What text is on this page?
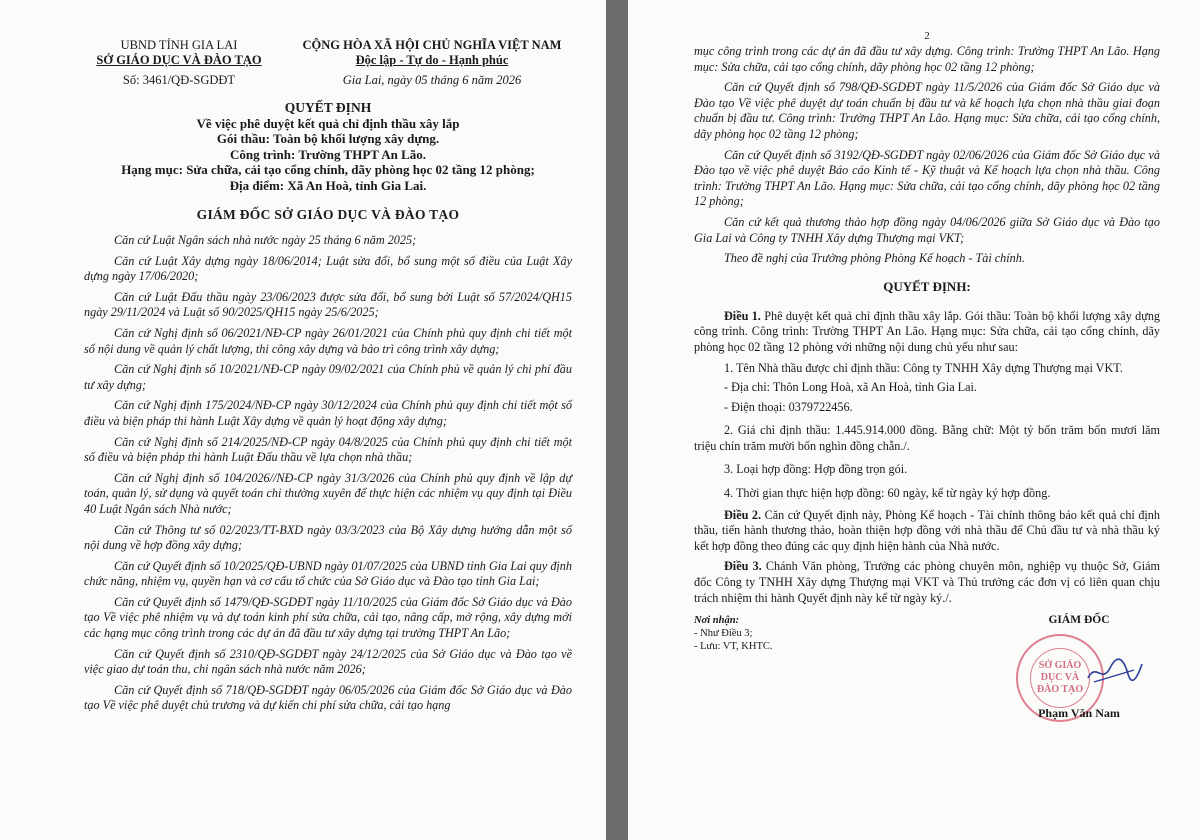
UBND TỈNH GIA LAI
SỞ GIÁO DỤC VÀ ĐÀO TẠO
Số: 3461/QĐ-SGDĐT
CỘNG HÒA XÃ HỘI CHỦ NGHĨA VIỆT NAM
Độc lập - Tự do - Hạnh phúc
Gia Lai, ngày 05 tháng 6 năm 2026
QUYẾT ĐỊNH
Về việc phê duyệt kết quả chỉ định thầu xây lắp
Gói thầu: Toàn bộ khối lượng xây dựng.
Công trình: Trường THPT An Lão.
Hạng mục: Sửa chữa, cải tạo cổng chính, dãy phòng học 02 tầng 12 phòng;
Địa điểm: Xã An Hoà, tỉnh Gia Lai.
GIÁM ĐỐC SỞ GIÁO DỤC VÀ ĐÀO TẠO

Căn cứ Luật Ngân sách nhà nước ngày 25 tháng 6 năm 2025;

Căn cứ Luật Xây dựng ngày 18/06/2014; Luật sửa đổi, bổ sung một số điều của Luật Xây dựng ngày 17/06/2020;

Căn cứ Luật Đấu thầu ngày 23/06/2023 được sửa đổi, bổ sung bởi Luật số 57/2024/QH15 ngày 29/11/2024 và Luật số 90/2025/QH15 ngày 25/6/2025;

Căn cứ Nghị định số 06/2021/NĐ-CP ngày 26/01/2021 của Chính phủ quy định chi tiết một số nội dung về quản lý chất lượng, thi công xây dựng và bảo trì công trình xây dựng;

Căn cứ Nghị định số 10/2021/NĐ-CP ngày 09/02/2021 của Chính phủ về quản lý chi phí đầu tư xây dựng;

Căn cứ Nghị định 175/2024/NĐ-CP ngày 30/12/2024 của Chính phủ quy định chi tiết một số điều và biện pháp thi hành Luật Xây dựng về quản lý hoạt động xây dựng;

Căn cứ Nghị định số 214/2025/NĐ-CP ngày 04/8/2025 của Chính phủ quy định chi tiết một số điều và biện pháp thi hành Luật Đấu thầu về lựa chọn nhà thầu;

Căn cứ Nghị định số 104/2026//NĐ-CP ngày 31/3/2026 của Chính phủ quy định về lập dự toán, quản lý, sử dụng và quyết toán chi thường xuyên để thực hiện các nhiệm vụ quy định tại Điều 40 Luật Ngân sách Nhà nước;

Căn cứ Thông tư số 02/2023/TT-BXD ngày 03/3/2023 của Bộ Xây dựng hướng dẫn một số nội dung về hợp đồng xây dựng;

Căn cứ Quyết định số 10/2025/QĐ-UBND ngày 01/07/2025 của UBND tỉnh Gia Lai quy định chức năng, nhiệm vụ, quyền hạn và cơ cấu tổ chức của Sở Giáo dục và Đào tạo tỉnh Gia Lai;

Căn cứ Quyết định số 1479/QĐ-SGDĐT ngày 11/10/2025 của Giám đốc Sở Giáo dục và Đào tạo Về việc phê nhiệm vụ và dự toán kinh phí sửa chữa, cải tạo, nâng cấp, mở rộng, xây dựng mới các hạng mục công trình trong các dự án đã đầu tư xây dựng tại trường THPT An Lão;

Căn cứ Quyết định số 2310/QĐ-SGDĐT ngày 24/12/2025 của Sở Giáo dục và Đào tạo về việc giao dự toán thu, chi ngân sách nhà nước năm 2026;

Căn cứ Quyết định số 718/QĐ-SGDĐT ngày 06/05/2026 của Giám đốc Sở Giáo dục và Đào tạo Về việc phê duyệt chủ trương và dự kiến chi phí sửa chữa, cải tạo hạng

2

mục công trình trong các dự án đã đầu tư xây dựng. Công trình: Trường THPT An Lão. Hạng mục: Sửa chữa, cải tạo cổng chính, dãy phòng học 02 tầng 12 phòng;

Căn cứ Quyết định số 798/QĐ-SGDĐT ngày 11/5/2026 của Giám đốc Sở Giáo dục và Đào tạo Về việc phê duyệt dự toán chuẩn bị đầu tư và kế hoạch lựa chọn nhà thầu giai đoạn chuẩn bị đầu tư. Công trình: Trường THPT An Lão. Hạng mục: Sửa chữa, cải tạo cổng chính, dãy phòng học 02 tầng 12 phòng;

Căn cứ Quyết định số 3192/QĐ-SGDĐT ngày 02/06/2026 của Giám đốc Sở Giáo dục và Đào tạo về việc phê duyệt Báo cáo Kinh tế - Kỹ thuật và Kế hoạch lựa chọn nhà thầu. Công trình: Trường THPT An Lão. Hạng mục: Sửa chữa, cải tạo cổng chính, dãy phòng học 02 tầng 12 phòng;

Căn cứ kết quả thương thảo hợp đồng ngày 04/06/2026 giữa Sở Giáo dục và Đào tạo Gia Lai và Công ty TNHH Xây dựng Thượng mại VKT;

Theo đề nghị của Trưởng phòng Phòng Kế hoạch - Tài chính.

QUYẾT ĐỊNH:

Điều 1. Phê duyệt kết quả chỉ định thầu xây lắp. Gói thầu: Toàn bộ khối lượng xây dựng công trình. Công trình: Trường THPT An Lão. Hạng mục: Sửa chữa, cải tạo cổng chính, dãy phòng học 02 tầng 12 phòng với những nội dung chủ yếu như sau:

1. Tên Nhà thầu được chỉ định thầu: Công ty TNHH Xây dựng Thượng mại VKT.
- Địa chỉ: Thôn Long Hoà, xã An Hoà, tỉnh Gia Lai.
- Điện thoại: 0379722456.
2. Giá chỉ định thầu: 1.445.914.000 đồng. Bằng chữ: Một tỷ bốn trăm bốn mươi lăm triệu chín trăm mười bốn nghìn đồng chẵn./.
3. Loại hợp đồng: Hợp đồng trọn gói.
4. Thời gian thực hiện hợp đồng: 60 ngày, kể từ ngày ký hợp đồng.

Điều 2. Căn cứ Quyết định này, Phòng Kế hoạch - Tài chính thông báo kết quả chỉ định thầu, tiến hành thương thảo, hoàn thiện hợp đồng với nhà thầu để Chủ đầu tư và nhà thầu ký kết hợp đồng theo đúng các quy định hiện hành của Nhà nước.

Điều 3. Chánh Văn phòng, Trưởng các phòng chuyên môn, nghiệp vụ thuộc Sở, Giám đốc Công ty TNHH Xây dựng Thượng mại VKT và Thủ trưởng các đơn vị có liên quan chịu trách nhiệm thi hành Quyết định này kể từ ngày ký./.

Nơi nhận:
- Như Điều 3;
- Lưu: VT, KHTC.
GIÁM ĐỐC
SỞ GIÁO DỤC VÀ ĐÀO TẠO
Phạm Văn Nam
